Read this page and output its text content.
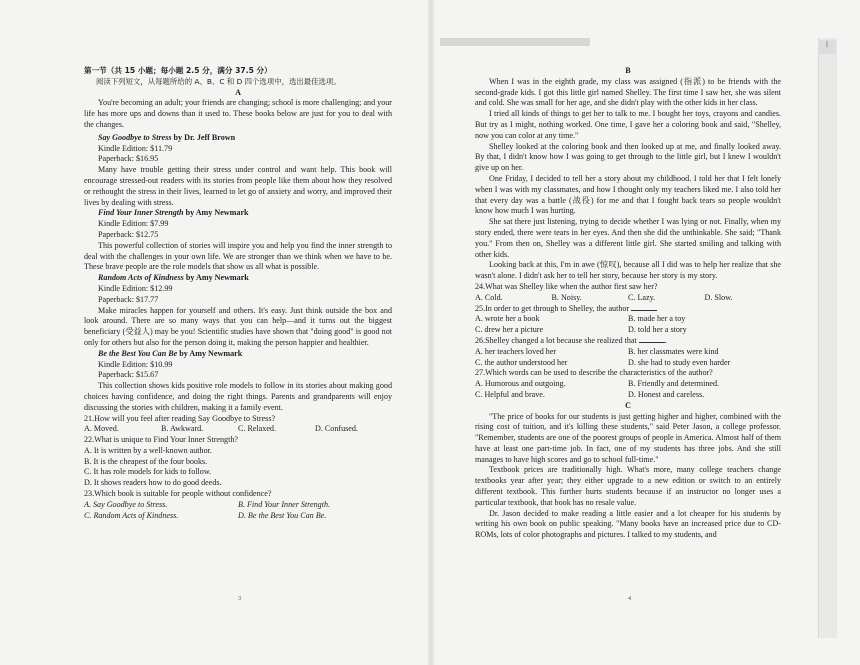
||
第一节（共 15 小题；每小题 2.5 分，满分 37.5 分）
阅读下列短文，从每题所给的 A、B、C 和 D 四个选项中，选出最佳选项。
A

You're becoming an adult; your friends are changing; school is more challenging; and your life has more ups and downs than it used to. These books below are just for you to deal with the changes.

Say Goodbye to Stress by Dr. Jeff Brown
Kindle Edition: $11.79
Paperback: $16.95

Many have trouble getting their stress under control and want help. This book will encourage stressed-out readers with its stories from people like them about how they resolved or rethought the stress in their lives, learned to let go of anxiety and worry, and improved their lives by dealing with stress.

Find Your Inner Strength by Amy Newmark
Kindle Edition: $7.99
Paperback: $12.75

This powerful collection of stories will inspire you and help you find the inner strength to deal with the challenges in your own life. We are stronger than we think when we have to be. These brave people are the role models that show us all what is possible.

Random Acts of Kindness by Amy Newmark
Kindle Edition: $12.99
Paperback: $17.77

Make miracles happen for yourself and others. It's easy. Just think outside the box and look around. There are so many ways that you can help—and it turns out the biggest beneficiary (受益人) may be you! Scientific studies have shown that "doing good" is good not only for others but also for the person doing it, making the person happier and healthier.

Be the Best You Can Be by Amy Newmark
Kindle Edition: $10.99
Paperback: $15.67

This collection shows kids positive role models to follow in its stories about making good choices having confidence, and doing the right things. Parents and grandparents will enjoy discussing the stories with children, making it a family event.

21.How will you feel after reading Say Goodbye to Stress?
A. Moved.	B. Awkward.	C. Relaxed.	D. Confused.
22.What is unique to Find Your Inner Strength?
A. It is written by a well-known author.
B. It is the cheapest of the four books.
C. It has role models for kids to follow.
D. It shows readers how to do good deeds.
23.Which book is suitable for people without confidence?
A. Say Goodbye to Stress.	B. Find Your Inner Strength.
C. Random Acts of Kindness.	D. Be the Best You Can Be.
3
B

When I was in the eighth grade, my class was assigned (指派) to be friends with the second-grade kids. I got this little girl named Shelley. The first time I saw her, she was silent and cold. She was small for her age, and she didn't play with the other kids in her class.

I tried all kinds of things to get her to talk to me. I bought her toys, crayons and candies. But try as I might, nothing worked. One time, I gave her a coloring book and said, "Shelley, now you can color at any time."

Shelley looked at the coloring book and then looked up at me, and finally looked away. By that, I didn't know how I was going to get through to the little girl, but I knew I wouldn't give up on her.

One Friday, I decided to tell her a story about my childhood. I told her that I felt lonely when I was with my classmates, and how I thought only my teachers liked me. I also told her that every day was a battle (战役) for me and that I fought back tears so people wouldn't know how much I was hurting.

She sat there just listening, trying to decide whether I was lying or not. Finally, when my story ended, there were tears in her eyes. And then she did the unthinkable. She said; "Thank you." From then on, Shelley was a different little girl. She started smiling and talking with other kids.

Looking back at this, I'm in awe (惊叹), because all I did was to help her realize that she wasn't alone. I didn't ask her to tell her story, because her story is my story.

24.What was Shelley like when the author first saw her?
A. Cold.	B. Noisy.	C. Lazy.	D. Slow.
25.In order to get through to Shelley, the author
A. wrote her a book	B. made her a toy
C. drew her a picture	D. told her a story
26.Shelley changed a lot because she realized that	.
A. her teachers loved her	B. her classmates were kind
C. the author understood her	D. she had to study even harder
27.Which words can be used to describe the characteristics of the author?
A. Humorous and outgoing.	B. Friendly and determined.
C. Helpful and brave.	D. Honest and careless.
C

"The price of books for our students is just getting higher and higher, combined with the rising cost of tuition, and it's killing these students," said Peter Jason, a college professor. "Remember, students are one of the poorest groups of people in America. Almost half of them have at least one part-time job. In fact, one of my students has three jobs. And she still manages to have high scores and go to school full-time."

Textbook prices are traditionally high. What's more, many college teachers change textbooks year after year; they either upgrade to a new edition or switch to an entirely different textbook. This further hurts students because if an instructor no longer uses a particular textbook, that book has no resale value.

Dr. Jason decided to make reading a little easier and a lot cheaper for his students by writing his own book on public speaking. "Many books have an increased price due to CD-ROMs, lots of color photographs and pictures. I talked to my students, and

4
